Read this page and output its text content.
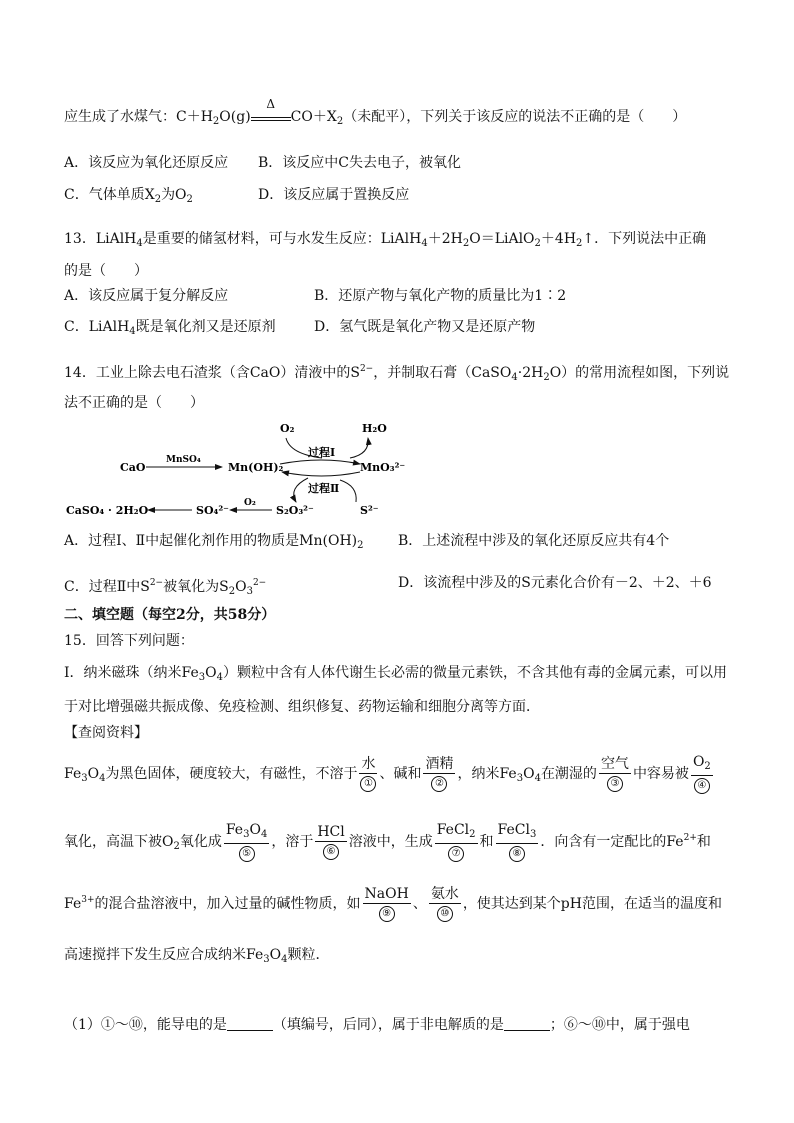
应生成了水煤气：$C+H_2O(g)$
Δ
$CO+X_2$（未配平），下列关于该反应的说法不正确的是（　　）
A．该反应为氧化还原反应 B．该反应中C失去电子，被氧化
C．气体单质$X_2$为$O_2$	D．该反应属于置换反应
13．LiAlH$_4$是重要的储氢材料，可与水发生反应：$LiAlH_4+2H_2O=LiAlO_2+4H_2↑$．下列说法中正确
的是（　　）
A．该反应属于复分解反应	B．还原产物与氧化产物的质量比为1∶2
C．LiAlH$_4$既是氧化剂又是还原剂	D．氢气既是氧化产物又是还原产物
14．工业上除去电石渣浆（含CaO）清液中的$S^{2-}$，并制取石膏$(CaSO_4\cdot 2H_2O)$的常用流程如图，下列说
法不正确的是（　　）
O₂	H₂O
过程Ⅰ
CaO
MnSO₄
Mn(OH)₂	MnO₃²⁻
过程Ⅱ
S²⁻
S₂O₃²⁻
O₂
SO₄²⁻
CaSO₄ · 2H₂O
A．过程Ⅰ、Ⅱ中起催化剂作用的物质是$Mn(OH)_2$ B．上述流程中涉及的氧化还原反应共有4个
C．过程Ⅱ中$S^{2-}$被氧化为$S_2O_3^{2-}$	D．该流程中涉及的S元素化合价有－2、＋2、＋6
二、填空题（每空2分，共58分）
15．回答下列问题：
Ⅰ．纳米磁珠（纳米$Fe_3O_4$）颗粒中含有人体代谢生长必需的微量元素铁，不含其他有毒的金属元素，可以用
于对比增强磁共振成像、免疫检测、组织修复、药物运输和细胞分离等方面．
【查阅资料】
$Fe_3O_4$为黑色固体，硬度较大，有磁性，不溶于 $\frac{\text{水}}{\text{①}}$ 、碱和 $\frac{\text{酒精}}{\text{②}}$ ，纳米$Fe_3O_4$在潮湿的 $\frac{\text{空气}}{\text{③}}$ 中容易被 $\frac{O_2}{\text{④}}$
氧化，高温下被$O_2$氧化成 $\frac{Fe_3O_4}{\text{⑤}}$ ，溶于 $\frac{\text{HCl}}{\text{⑥}}$ 溶液中，生成 $\frac{FeCl_2}{\text{⑦}}$ 和 $\frac{FeCl_3}{\text{⑧}}$ ．向含有一定配比的$Fe^{2+}$和
$Fe^{3+}$的混合盐溶液中，加入过量的碱性物质，如 $\frac{\text{NaOH}}{\text{⑨}}$ 、 $\frac{\text{氨水}}{\text{⑩}}$ ，使其达到某个pH范围，在适当的温度和
高速搅拌下发生反应合成纳米$Fe_3O_4$颗粒．
（1）①～⑩，能导电的是	（填编号，后同），属于非电解质的是	；⑥～⑩中，属于强电
